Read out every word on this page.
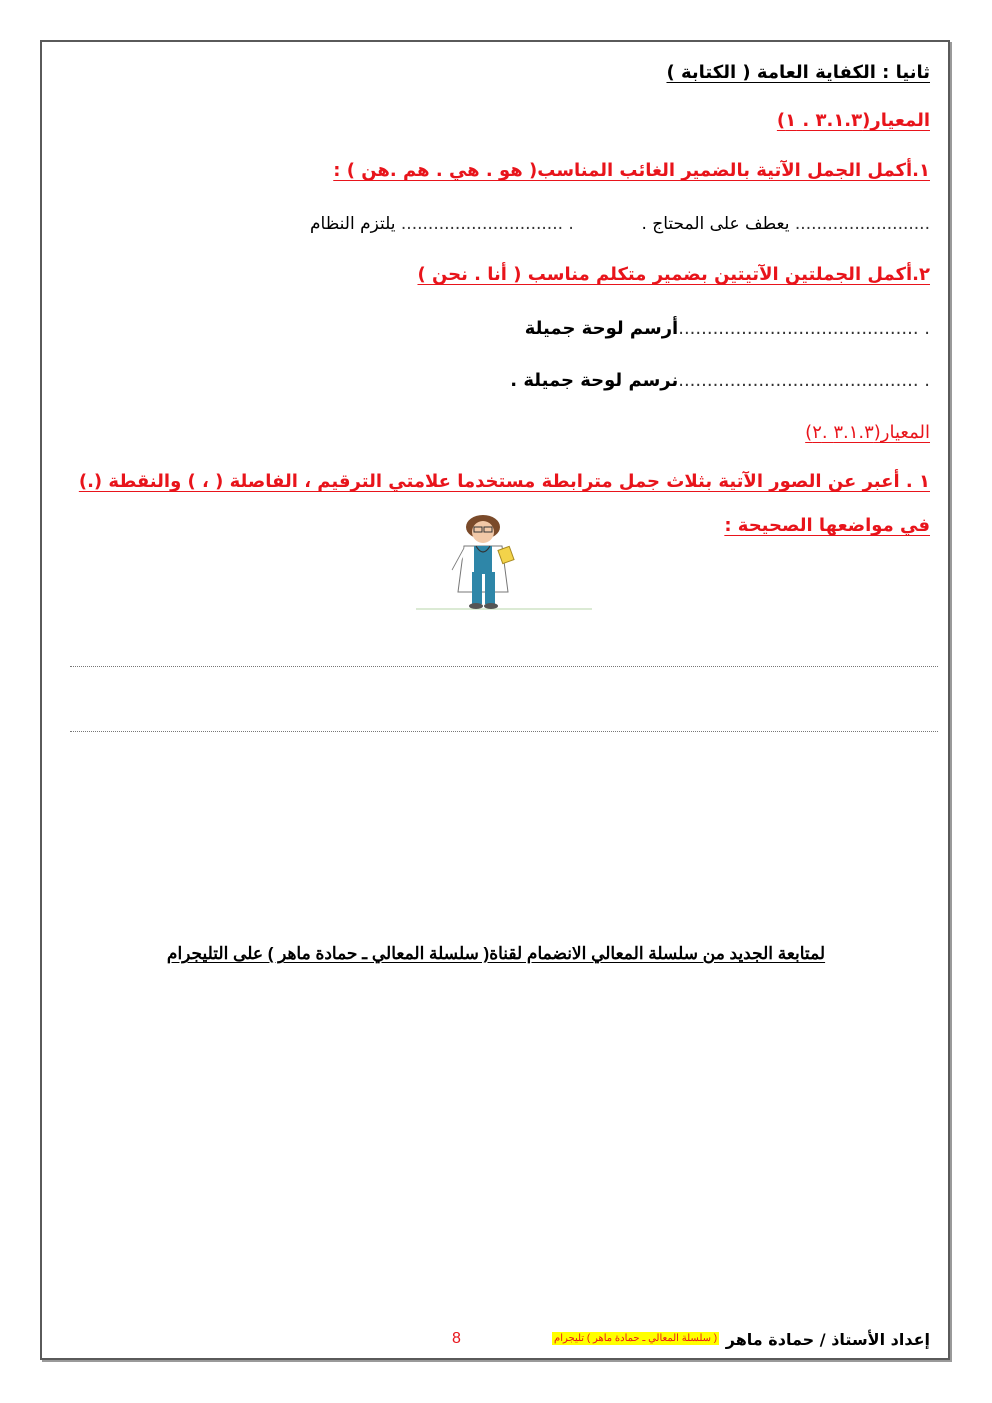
ثانيا : الكفاية العامة ( الكتابة )
المعيار(٣.١.٣ . ١)
١.أكمل الجمل الآتية بالضمير الغائب المناسب( هو . هي . هم .هن ) :
......................... يعطف على المحتاج .
. .............................. يلتزم النظام
٢.أكمل الجملتين الآتيتين بضمير متكلم مناسب ( أنا . نحن )
. ..........................................أرسم لوحة جميلة
. ..........................................نرسم لوحة جميلة .
المعيار(٣.١.٣ .٢)
١ . أعبر عن الصور الآتية بثلاث جمل مترابطة مستخدما علامتي الترقيم ، الفاصلة ( ، ) والنقطة (.)
في مواضعها الصحيحة :
لمتابعة الجديد من سلسلة المعالي الانضمام لقناة( سلسلة المعالي ـ حمادة ماهر ) على التليجرام
إعداد الأستاذ / حمادة ماهر
( سلسلة المعالي ـ حمادة ماهر ) تليجرام
8
